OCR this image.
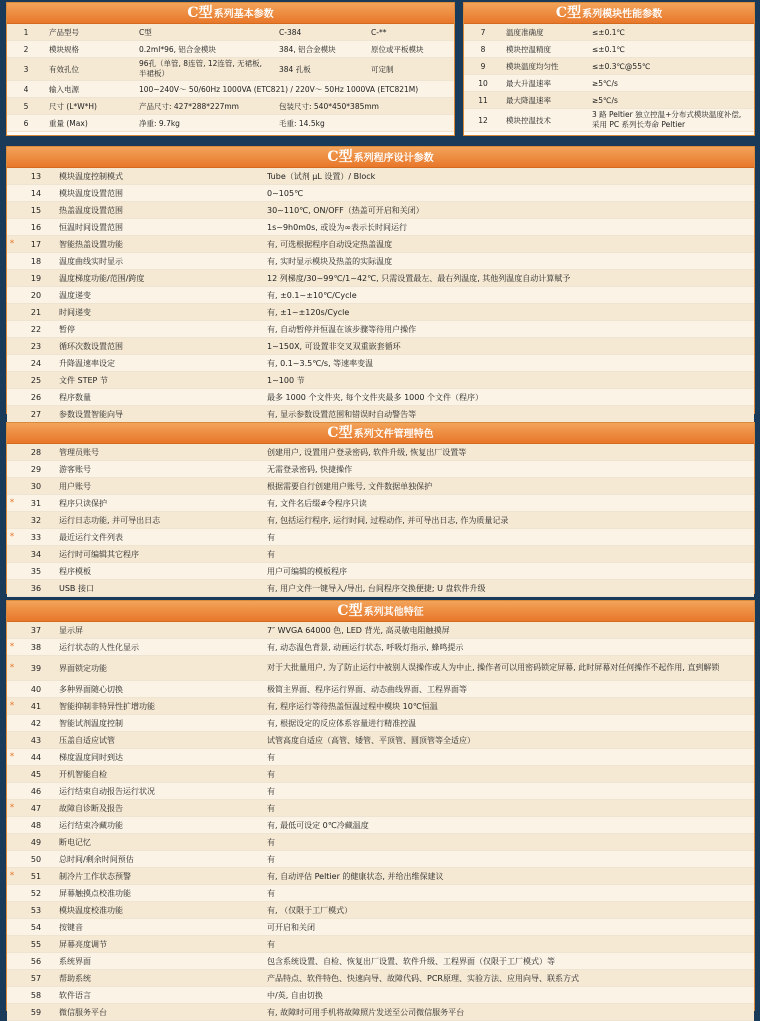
C型系列基本参数
1	产品型号	C型	C-384	C-**
2	模块规格	0.2ml*96, 铝合金模块	384, 铝合金模块	原位或平板模块
3	有效孔位	96孔（单管, 8连管, 12连管, 无裙板, 半裙板）	384 孔板	可定制
4	输入电源	100~240V～ 50/60Hz 1000VA (ETC821) / 220V～ 50Hz 1000VA (ETC821M)		
5	尺寸 (L*W*H)	产品尺寸: 427*288*227mm	包装尺寸: 540*450*385mm	
6	重量 (Max)	净重: 9.7kg	毛重: 14.5kg	
C型系列模块性能参数
7	温度准确度	≤±0.1℃
8	模块控温精度	≤±0.1℃
9	模块温度均匀性	≤±0.3℃@55℃
10	最大升温速率	≥5℃/s
11	最大降温速率	≥5℃/s
12	模块控温技术	3 路 Peltier 独立控温+分布式模块温度补偿, 采用 PC 系列长寿命 Peltier
C型系列程序设计参数
	13	模块温度控制模式	Tube（试剂 μL 设置）/ Block
	14	模块温度设置范围	0~105℃
	15	热盖温度设置范围	30~110℃, ON/OFF（热盖可开启和关闭）
	16	恒温时间设置范围	1s~9h0m0s, 或设为∞表示长时间运行
*	17	智能热盖设置功能	有, 可选根据程序自动设定热盖温度
	18	温度曲线实时显示	有, 实时显示模块及热盖的实际温度
	19	温度梯度功能/范围/跨度	12 列梯度/30~99℃/1~42℃, 只需设置最左、最右列温度, 其他列温度自动计算赋予
	20	温度递变	有, ±0.1~±10℃/Cycle
	21	时间递变	有, ±1~±120s/Cycle
	22	暂停	有, 自动暂停并恒温在该步骤等待用户操作
	23	循环次数设置范围	1~150X, 可设置非交叉双重嵌套循环
	24	升降温速率设定	有, 0.1~3.5℃/s, 等速率变温
	25	文件 STEP 节	1~100 节
	26	程序数量	最多 1000 个文件夹, 每个文件夹最多 1000 个文件（程序）
	27	参数设置智能向导	有, 显示参数设置范围和错误时自动警告等
C型系列文件管理特色
	28	管理员账号	创建用户, 设置用户登录密码, 软件升级, 恢复出厂设置等
	29	游客账号	无需登录密码, 快捷操作
	30	用户账号	根据需要自行创建用户账号, 文件数据单独保护
*	31	程序只读保护	有, 文件名后缀#令程序只读
	32	运行日志功能, 并可导出日志	有, 包括运行程序, 运行时间, 过程动作, 并可导出日志, 作为质量记录
*	33	最近运行文件列表	有
	34	运行时可编辑其它程序	有
	35	程序模板	用户可编辑的模板程序
	36	USB 接口	有, 用户文件一键导入/导出, 台间程序交换便捷; U 盘软件升级
C型系列其他特征
	37	显示屏	7″ WVGA 64000 色, LED 背光, 高灵敏电阻触摸屏
*	38	运行状态的人性化显示	有, 动态温色背景, 动画运行状态, 呼吸灯指示, 蜂鸣提示
*	39	界面锁定功能	对于大批量用户, 为了防止运行中被别人误操作或人为中止, 操作者可以用密码锁定屏幕, 此时屏幕对任何操作不起作用, 直到解锁
	40	多种界面随心切换	极简主界面、程序运行界面、动态曲线界面、工程界面等
*	41	智能抑制非特异性扩增功能	有, 程序运行等待热盖恒温过程中模块 10℃恒温
	42	智能试剂温度控制	有, 根据设定的反应体系容量进行精准控温
	43	压盖自适应试管	试管高度自适应（高管、矮管、平顶管、圆顶管等全适应）
*	44	梯度温度同时到达	有
	45	开机智能自检	有
	46	运行结束自动报告运行状况	有
*	47	故障自诊断及报告	有
	48	运行结束冷藏功能	有, 最低可设定 0℃冷藏温度
	49	断电记忆	有
	50	总时间/剩余时间预估	有
*	51	制冷片工作状态预警	有, 自动评估 Peltier 的健康状态, 并给出维保建议
	52	屏幕触摸点校准功能	有
	53	模块温度校准功能	有, （仅限于工厂模式）
	54	按键音	可开启和关闭
	55	屏幕亮度调节	有
	56	系统界面	包含系统设置、自检、恢复出厂设置、软件升级、工程界面（仅限于工厂模式）等
	57	帮助系统	产品特点、软件特色、快速向导、故障代码、PCR原理、实验方法、应用向导、联系方式
	58	软件语言	中/英, 自由切换
	59	微信服务平台	有, 故障时可用手机将故障照片发送至公司微信服务平台
